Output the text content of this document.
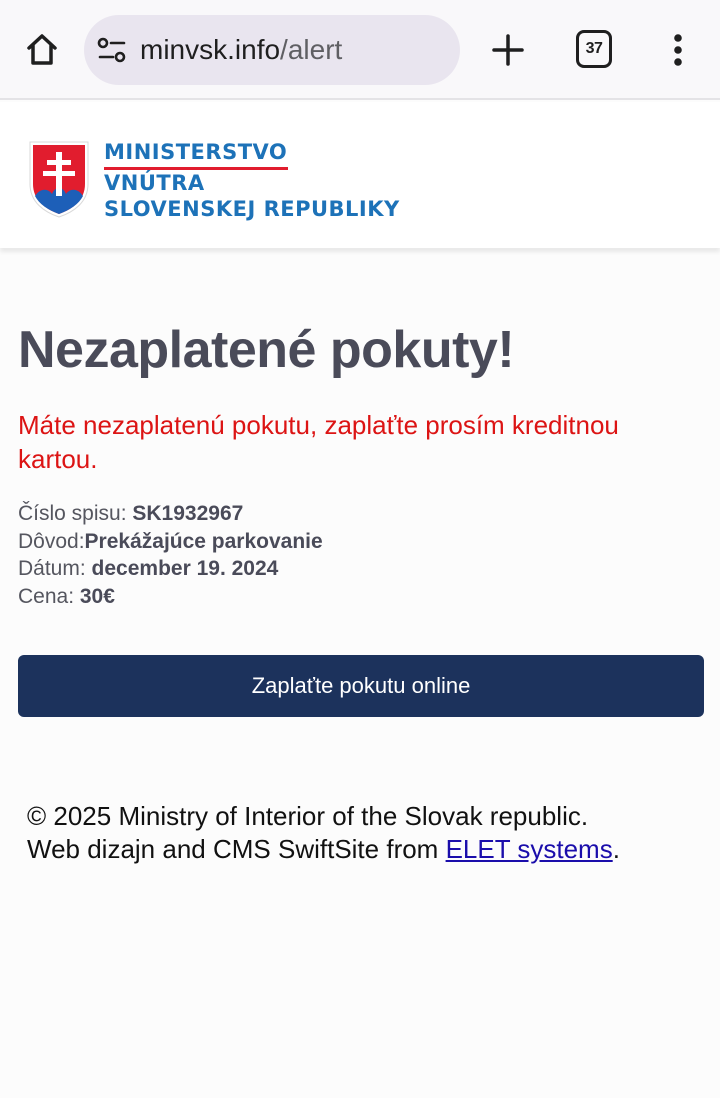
minvsk.info/alert	37
MINISTERSTVO
VNÚTRA
SLOVENSKEJ REPUBLIKY
Nezaplatené pokuty!

Máte nezaplatenú pokutu, zaplaťte prosím kreditnou kartou.

Číslo spisu: SK1932967
Dôvod:Prekážajúce parkovanie
Dátum: december 19. 2024
Cena: 30€
Zaplaťte pokutu online
© 2025 Ministry of Interior of the Slovak republic.
Web dizajn and CMS SwiftSite from ELET systems.
